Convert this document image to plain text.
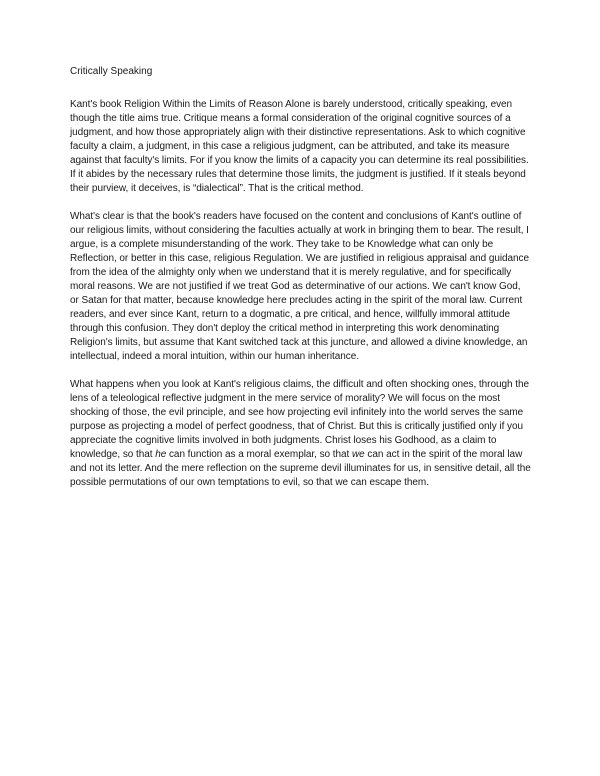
Critically Speaking

Kant's book Religion Within the Limits of Reason Alone is barely understood, critically speaking, even though the title aims true. Critique means a formal consideration of the original cognitive sources of a judgment, and how those appropriately align with their distinctive representations. Ask to which cognitive faculty a claim, a judgment, in this case a religious judgment, can be attributed, and take its measure against that faculty's limits. For if you know the limits of a capacity you can determine its real possibilities. If it abides by the necessary rules that determine those limits, the judgment is justified. If it steals beyond their purview, it deceives, is “dialectical”. That is the critical method.

What's clear is that the book's readers have focused on the content and conclusions of Kant's outline of our religious limits, without considering the faculties actually at work in bringing them to bear. The result, I argue, is a complete misunderstanding of the work. They take to be Knowledge what can only be Reflection, or better in this case, religious Regulation. We are justified in religious appraisal and guidance from the idea of the almighty only when we understand that it is merely regulative, and for specifically moral reasons. We are not justified if we treat God as determinative of our actions. We can't know God, or Satan for that matter, because knowledge here precludes acting in the spirit of the moral law. Current readers, and ever since Kant, return to a dogmatic, a pre critical, and hence, willfully immoral attitude through this confusion. They don't deploy the critical method in interpreting this work denominating Religion's limits, but assume that Kant switched tack at this juncture, and allowed a divine knowledge, an intellectual, indeed a moral intuition, within our human inheritance.

What happens when you look at Kant's religious claims, the difficult and often shocking ones, through the lens of a teleological reflective judgment in the mere service of morality? We will focus on the most shocking of those, the evil principle, and see how projecting evil infinitely into the world serves the same purpose as projecting a model of perfect goodness, that of Christ. But this is critically justified only if you appreciate the cognitive limits involved in both judgments. Christ loses his Godhood, as a claim to knowledge, so that he can function as a moral exemplar, so that we can act in the spirit of the moral law and not its letter. And the mere reflection on the supreme devil illuminates for us, in sensitive detail, all the possible permutations of our own temptations to evil, so that we can escape them.
